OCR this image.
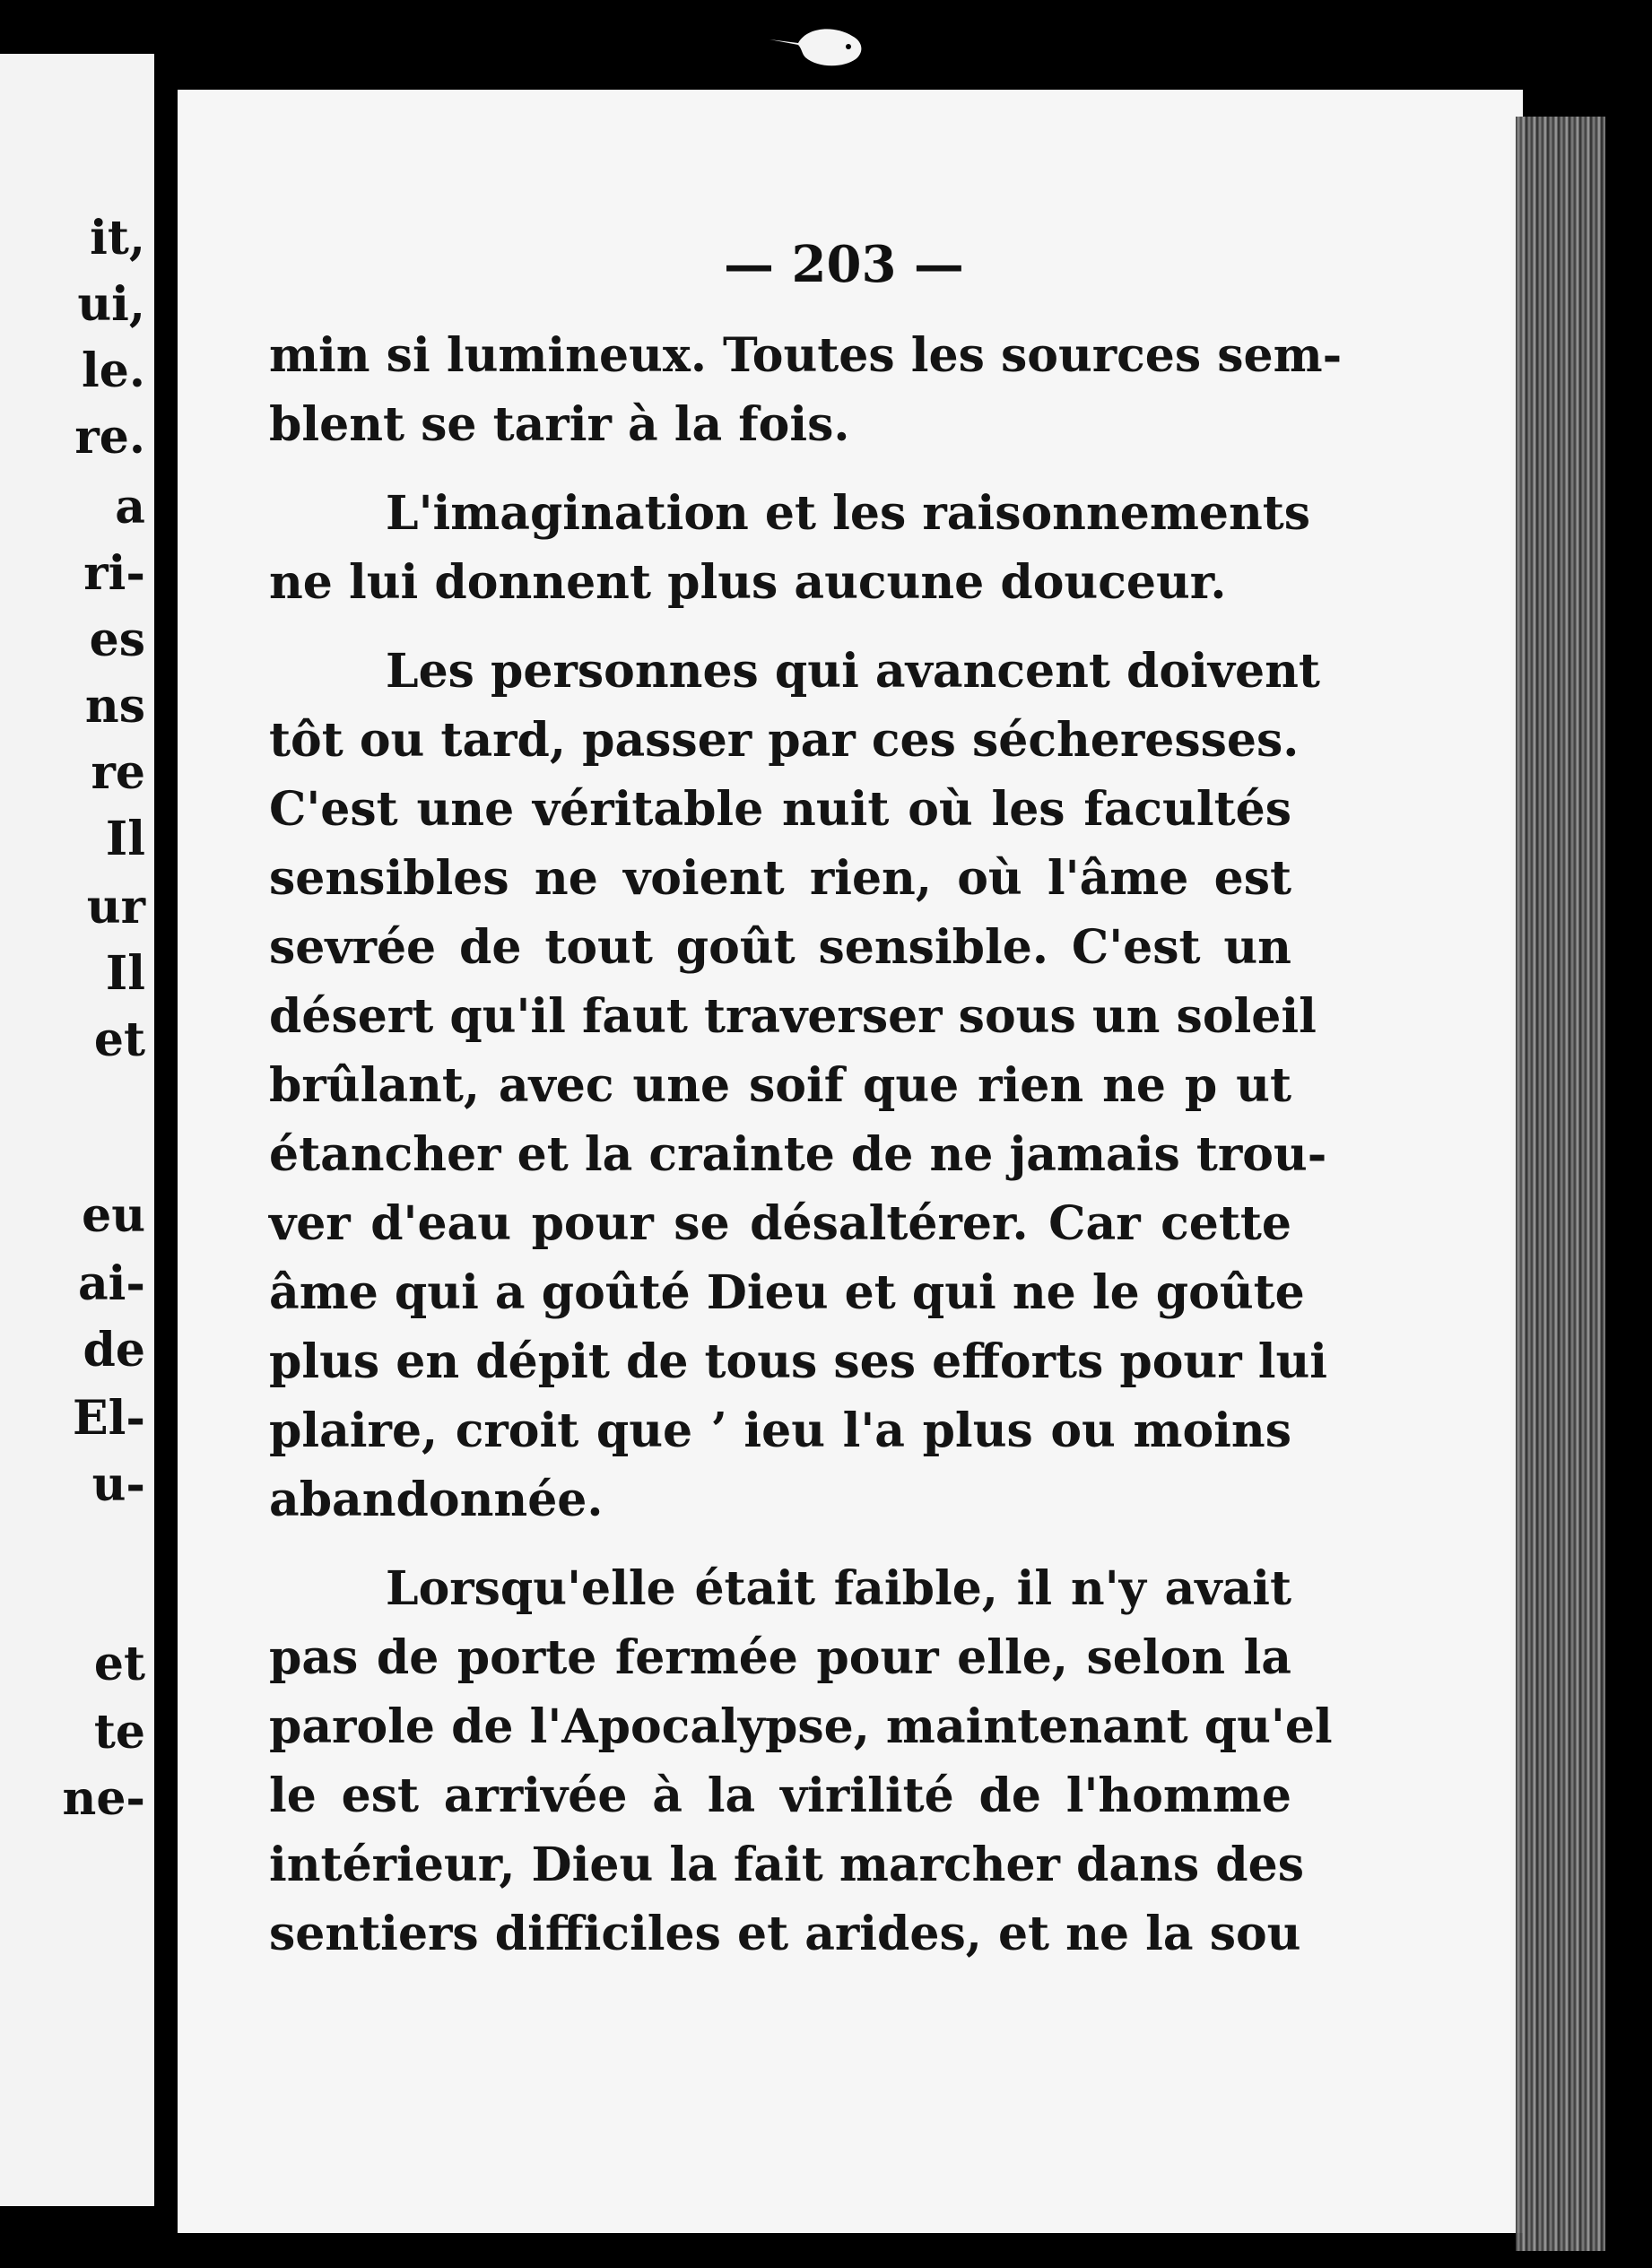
it,
ui,
le.
re.
a
ri-
es
ns
re
Il
ur
Il
et
eu
ai-
de
El-
u-
et
te
ne-
— 203 —
min si lumineux. Toutes les sources sem-
blent se tarir à la fois.
L'imagination et les raisonnements
ne lui donnent plus aucune douceur.
Les personnes qui avancent doivent
tôt ou tard, passer par ces sécheresses.
C'est une véritable nuit où les facultés
sensibles ne voient rien, où l'âme est
sevrée de tout goût sensible. C'est un
désert qu'il faut traverser sous un soleil
brûlant, avec une soif que rien ne p ut
étancher et la crainte de ne jamais trou-
ver d'eau pour se désaltérer. Car cette
âme qui a goûté Dieu et qui ne le goûte
plus en dépit de tous ses efforts pour lui
plaire, croit que ʼ ieu l'a plus ou moins
abandonnée.
Lorsqu'elle était faible, il n'y avait
pas de porte fermée pour elle, selon la
parole de l'Apocalypse, maintenant qu'el
le est arrivée à la virilité de l'homme
intérieur, Dieu la fait marcher dans des
sentiers difficiles et arides, et ne la sou
